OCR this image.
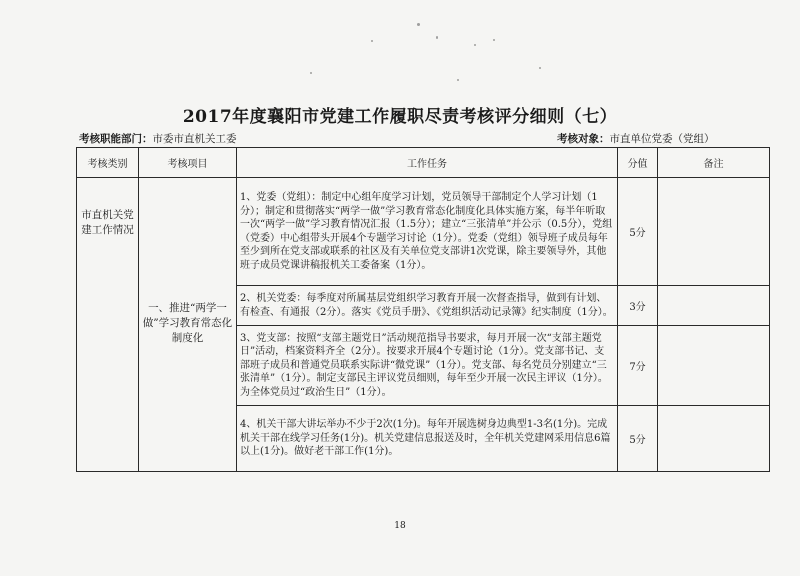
2017年度襄阳市党建工作履职尽责考核评分细则（七）
考核职能部门：市委市直机关工委	考核对象：市直单位党委（党组）
考核类别	考核项目	工作任务	分值	备注
市直机关党建工作情况	一、推进“两学一做”学习教育常态化制度化	1、党委（党组）：制定中心组年度学习计划，党员领导干部制定个人学习计划（1分）；制定和贯彻落实“两学一做”学习教育常态化制度化具体实施方案，每半年听取一次“两学一做”学习教育情况汇报（1.5分）；建立“三张清单”并公示（0.5分），党组（党委）中心组带头开展4个专题学习讨论（1分）。党委（党组）领导班子成员每年至少到所在党支部或联系的社区及有关单位党支部讲1次党课，除主要领导外，其他班子成员党课讲稿报机关工委备案（1分）。	5分	
		2、机关党委：每季度对所属基层党组织学习教育开展一次督查指导，做到有计划、有检查、有通报（2分）。落实《党员手册》、《党组织活动记录簿》纪实制度（1分）。	3分	
		3、党支部：按照“支部主题党日”活动规范指导书要求，每月开展一次“支部主题党日”活动，档案资料齐全（2分）。按要求开展4个专题讨论（1分）。党支部书记、支部班子成员和普通党员联系实际讲“微党课”（1分）。党支部、每名党员分别建立“三张清单”（1分）。制定支部民主评议党员细则，每年至少开展一次民主评议（1分）。为全体党员过“政治生日”（1分）。	7分	
		4、机关干部大讲坛举办不少于2次(1分)。每年开展选树身边典型1-3名(1分)。完成机关干部在线学习任务(1分)。机关党建信息报送及时，全年机关党建网采用信息6篇以上(1分)。做好老干部工作(1分)。	5分	
18
